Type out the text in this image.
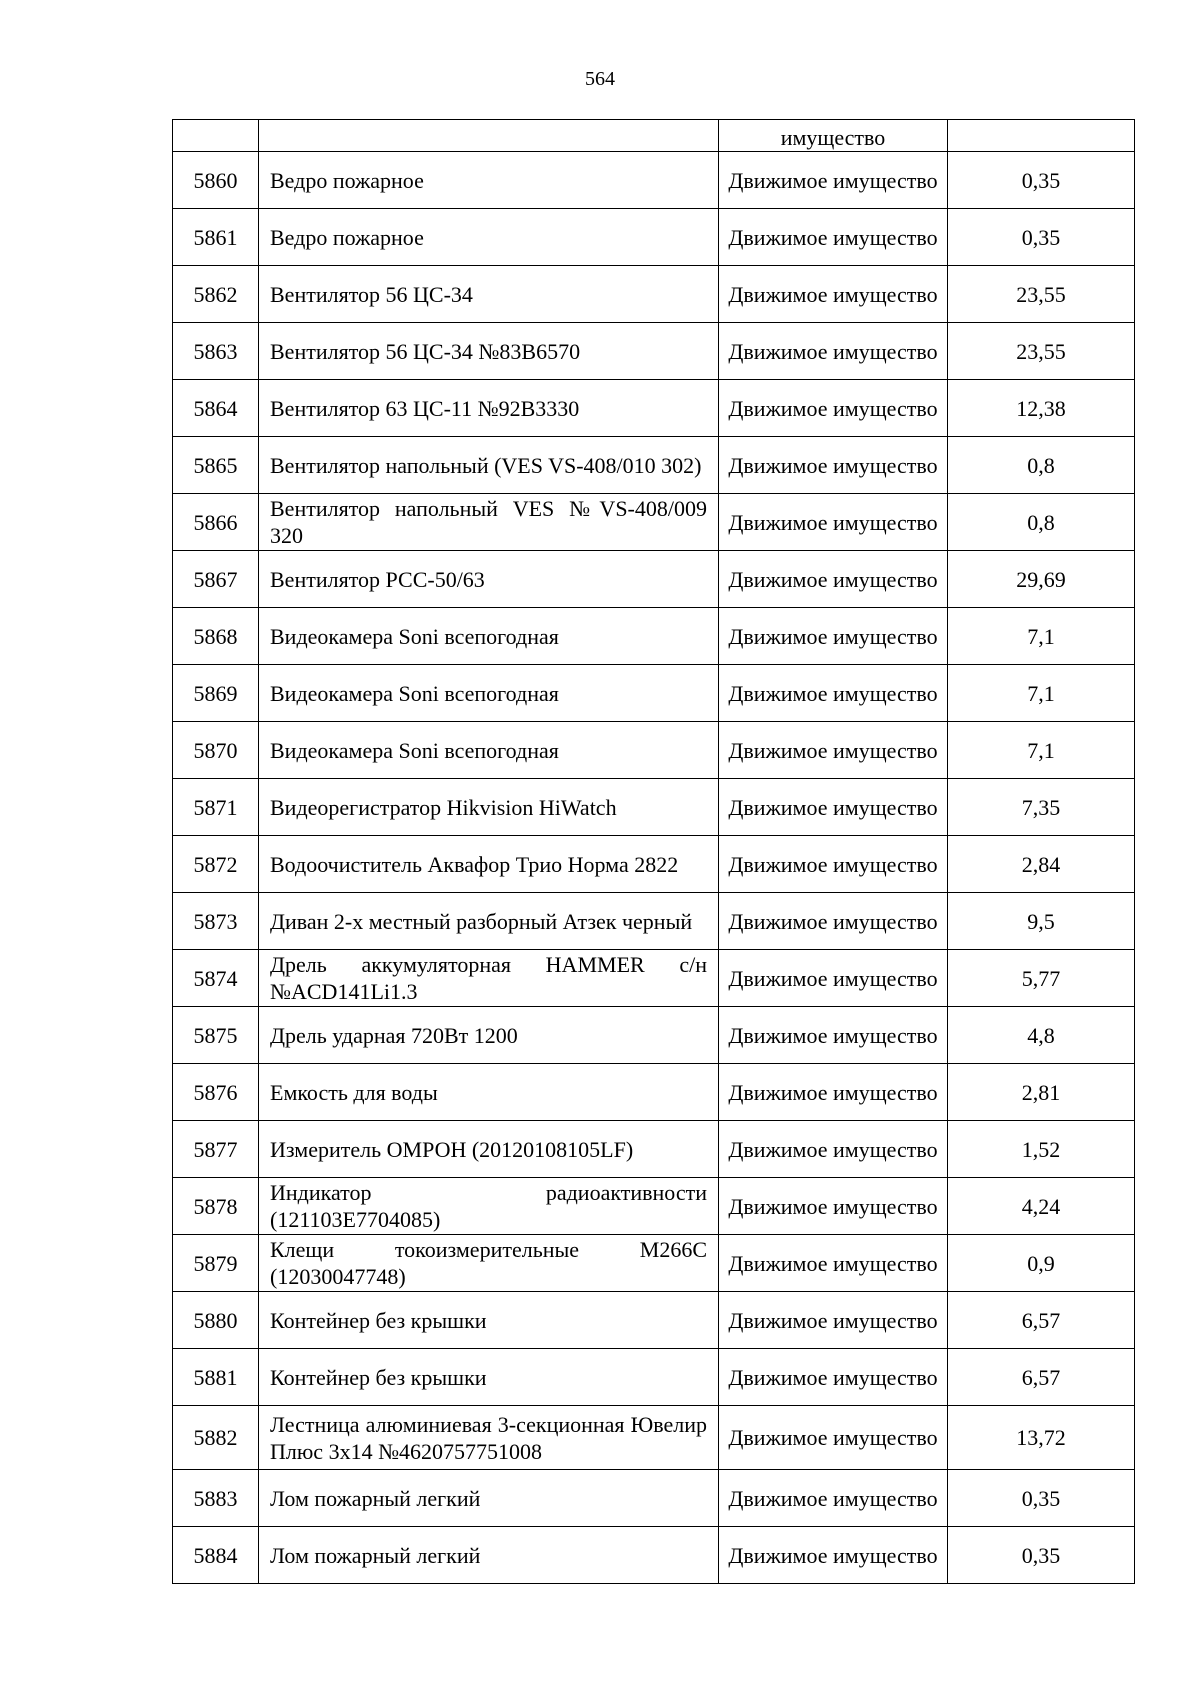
564
		имущество	
5860	Ведро пожарное	Движимое имущество	0,35
5861	Ведро пожарное	Движимое имущество	0,35
5862	Вентилятор 56 ЦС-34	Движимое имущество	23,55
5863	Вентилятор 56 ЦС-34 №83В6570	Движимое имущество	23,55
5864	Вентилятор 63 ЦС-11 №92В3330	Движимое имущество	12,38
5865	Вентилятор напольный (VES VS-408/010 302)	Движимое имущество	0,8
5866	Вентилятор напольный VES №VS-408/009 320	Движимое имущество	0,8
5867	Вентилятор РСС-50/63	Движимое имущество	29,69
5868	Видеокамера Soni всепогодная	Движимое имущество	7,1
5869	Видеокамера Soni всепогодная	Движимое имущество	7,1
5870	Видеокамера Soni всепогодная	Движимое имущество	7,1
5871	Видеорегистратор Hikvision HiWatch	Движимое имущество	7,35
5872	Водоочиститель Аквафор Трио Норма 2822	Движимое имущество	2,84
5873	Диван 2-х местный разборный Атзек черный	Движимое имущество	9,5
5874	Дрель аккумуляторная HAMMER с/н №ACD141Li1.3	Движимое имущество	5,77
5875	Дрель ударная 720Вт 1200	Движимое имущество	4,8
5876	Емкость для воды	Движимое имущество	2,81
5877	Измеритель ОМРОН (20120108105LF)	Движимое имущество	1,52
5878	Индикатор радиоактивности (121103Е7704085)	Движимое имущество	4,24
5879	Клещи токоизмерительные М266С (12030047748)	Движимое имущество	0,9
5880	Контейнер без крышки	Движимое имущество	6,57
5881	Контейнер без крышки	Движимое имущество	6,57
5882	Лестница алюминиевая 3-секционная Ювелир Плюс 3х14 №4620757751008	Движимое имущество	13,72
5883	Лом пожарный легкий	Движимое имущество	0,35
5884	Лом пожарный легкий	Движимое имущество	0,35
